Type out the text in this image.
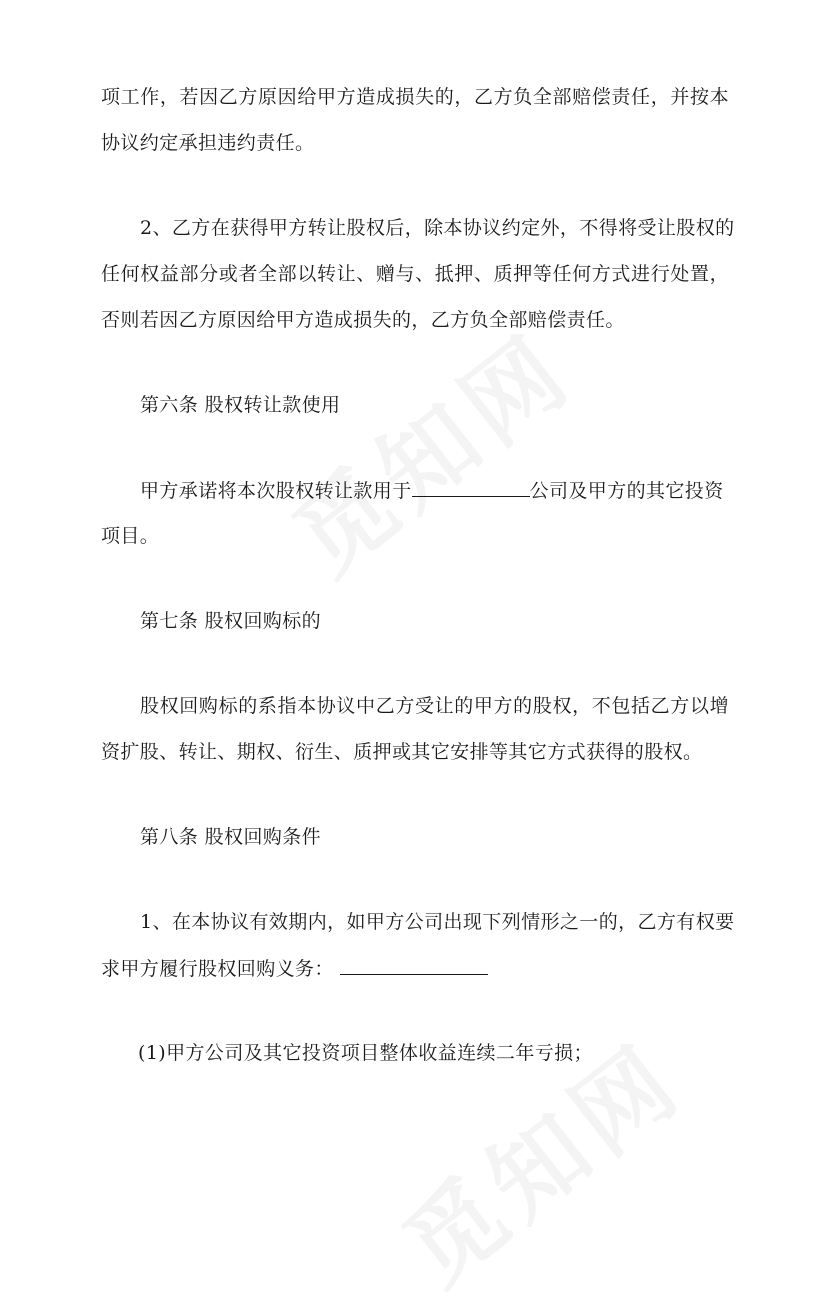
项工作，若因乙方原因给甲方造成损失的，乙方负全部赔偿责任，并按本
协议约定承担违约责任。
2、乙方在获得甲方转让股权后，除本协议约定外，不得将受让股权的
任何权益部分或者全部以转让、赠与、抵押、质押等任何方式进行处置，
否则若因乙方原因给甲方造成损失的，乙方负全部赔偿责任。
第六条 股权转让款使用
甲方承诺将本次股权转让款用于	公司及甲方的其它投资
项目。
第七条 股权回购标的
股权回购标的系指本协议中乙方受让的甲方的股权，不包括乙方以增
资扩股、转让、期权、衍生、质押或其它安排等其它方式获得的股权。
第八条 股权回购条件
1、在本协议有效期内，如甲方公司出现下列情形之一的，乙方有权要
求甲方履行股权回购义务：
(1)甲方公司及其它投资项目整体收益连续二年亏损；
